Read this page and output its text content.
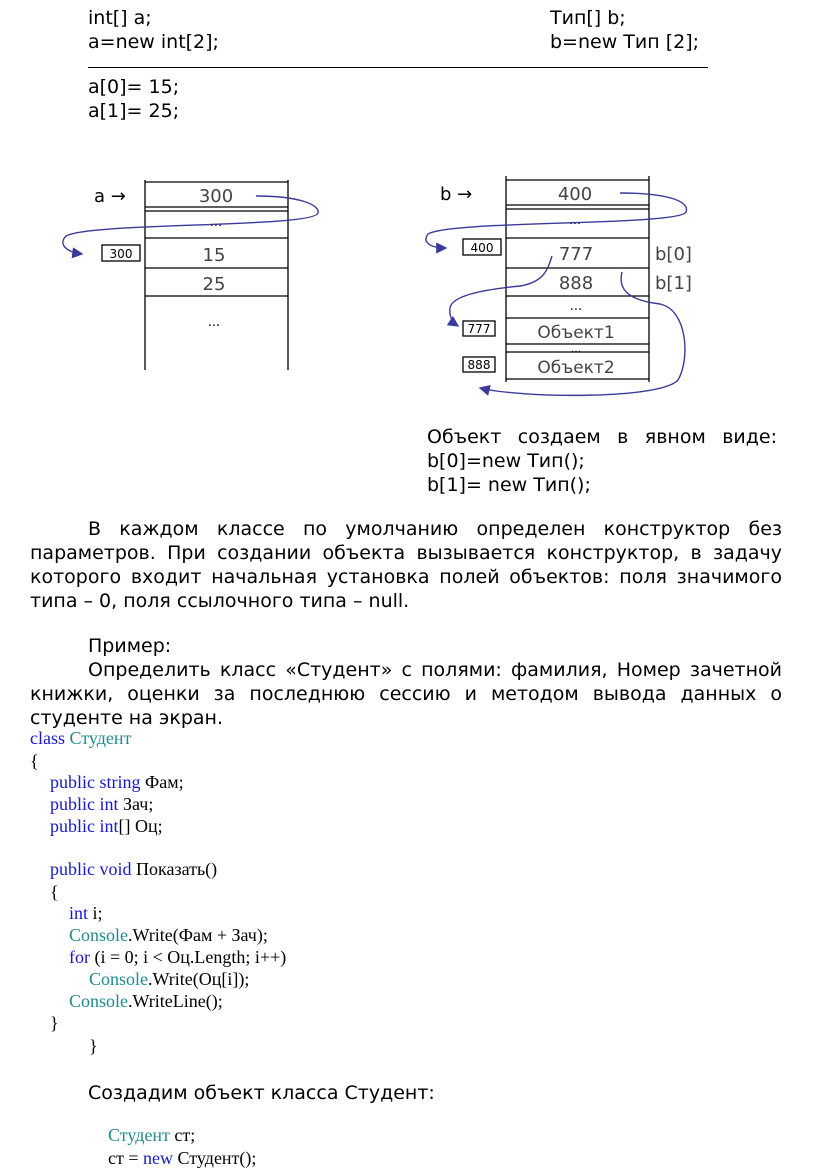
int[] a;
a=new int[2];
Тип[] b;
b=new Тип [2];
a[0]= 15;
a[1]= 25;
a →
300
300
...
15
25
...
b →
400
777
888
400
...
777
888
...
Объект1
...
Объект2
b[0]
b[1]
Объект создаем в явном виде:
b[0]=new Тип();
b[1]= new Тип();
В каждом классе по умолчанию определен конструктор без параметров. При создании объекта вызывается конструктор, в задачу которого входит начальная установка полей объектов: поля значимого типа – 0, поля ссылочного типа – null.
Пример:
Определить класс «Студент» с полями: фамилия, Номер зачетной книжки, оценки за последнюю сессию и методом вывода данных о студенте на экран.
class Студент
{
public string Фам;
public int Зач;
public int[] Оц;
public void Показать()
{
int i;
Console.Write(Фам + Зач);
for (i = 0; i < Оц.Length; i++)
Console.Write(Оц[i]);
Console.WriteLine();
}
}
Создадим объект класса Студент:
Студент ст;
ст = new Студент();
